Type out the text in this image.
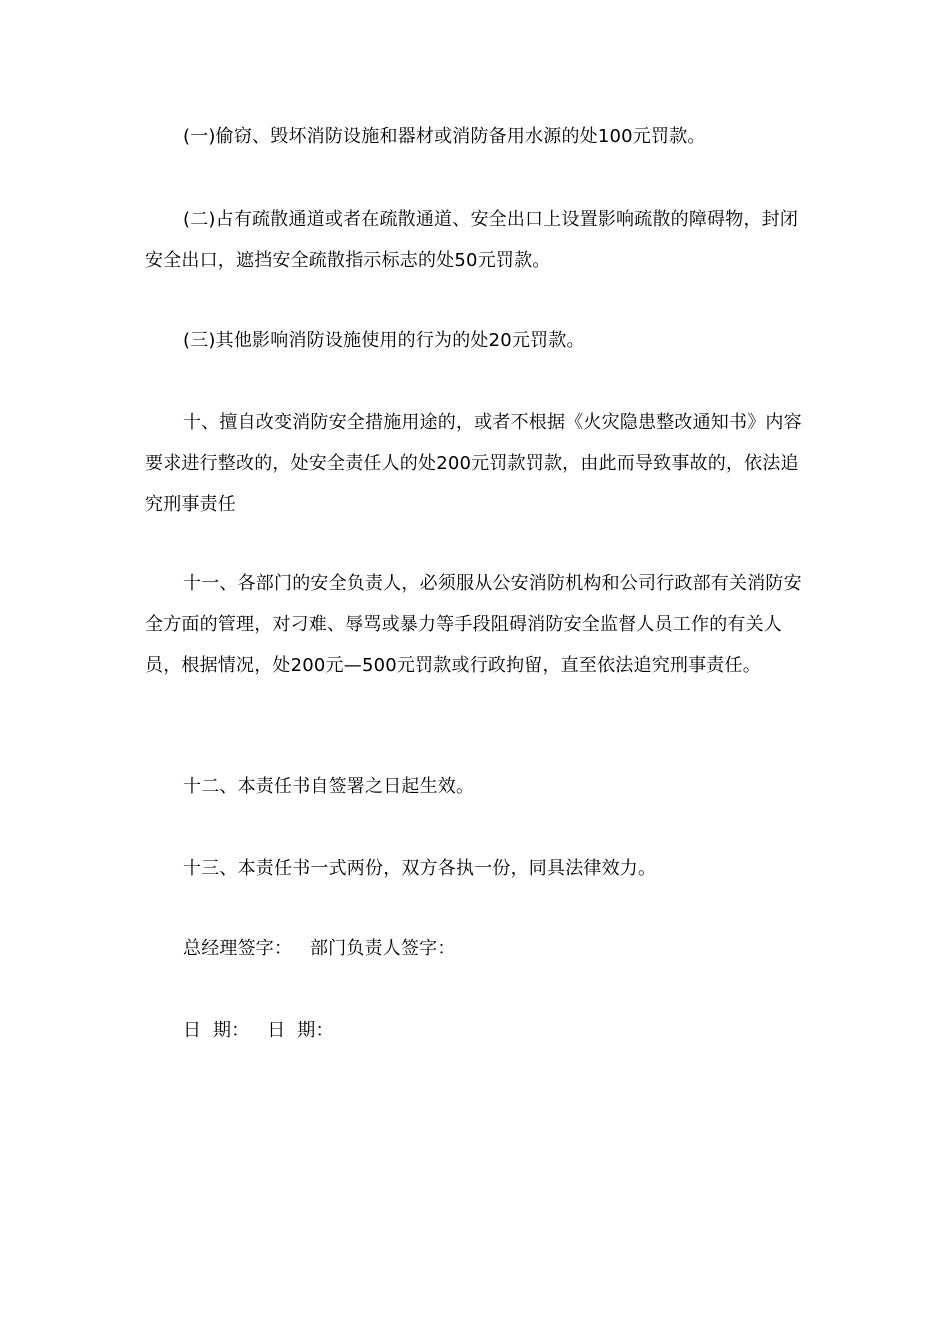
(一)偷窃、毁坏消防设施和器材或消防备用水源的处100元罚款。

(二)占有疏散通道或者在疏散通道、安全出口上设置影响疏散的障碍物，封闭安全出口，遮挡安全疏散指示标志的处50元罚款。

(三)其他影响消防设施使用的行为的处20元罚款。

十、擅自改变消防安全措施用途的，或者不根据《火灾隐患整改通知书》内容要求进行整改的，处安全责任人的处200元罚款罚款，由此而导致事故的，依法追究刑事责任

十一、各部门的安全负责人，必须服从公安消防机构和公司行政部有关消防安全方面的管理，对刁难、辱骂或暴力等手段阻碍消防安全监督人员工作的有关人员，根据情况，处200元—500元罚款或行政拘留，直至依法追究刑事责任。

十二、本责任书自签署之日起生效。

十三、本责任书一式两份，双方各执一份，同具法律效力。

总经理签字：   部门负责人签字：

日  期：   日  期：
